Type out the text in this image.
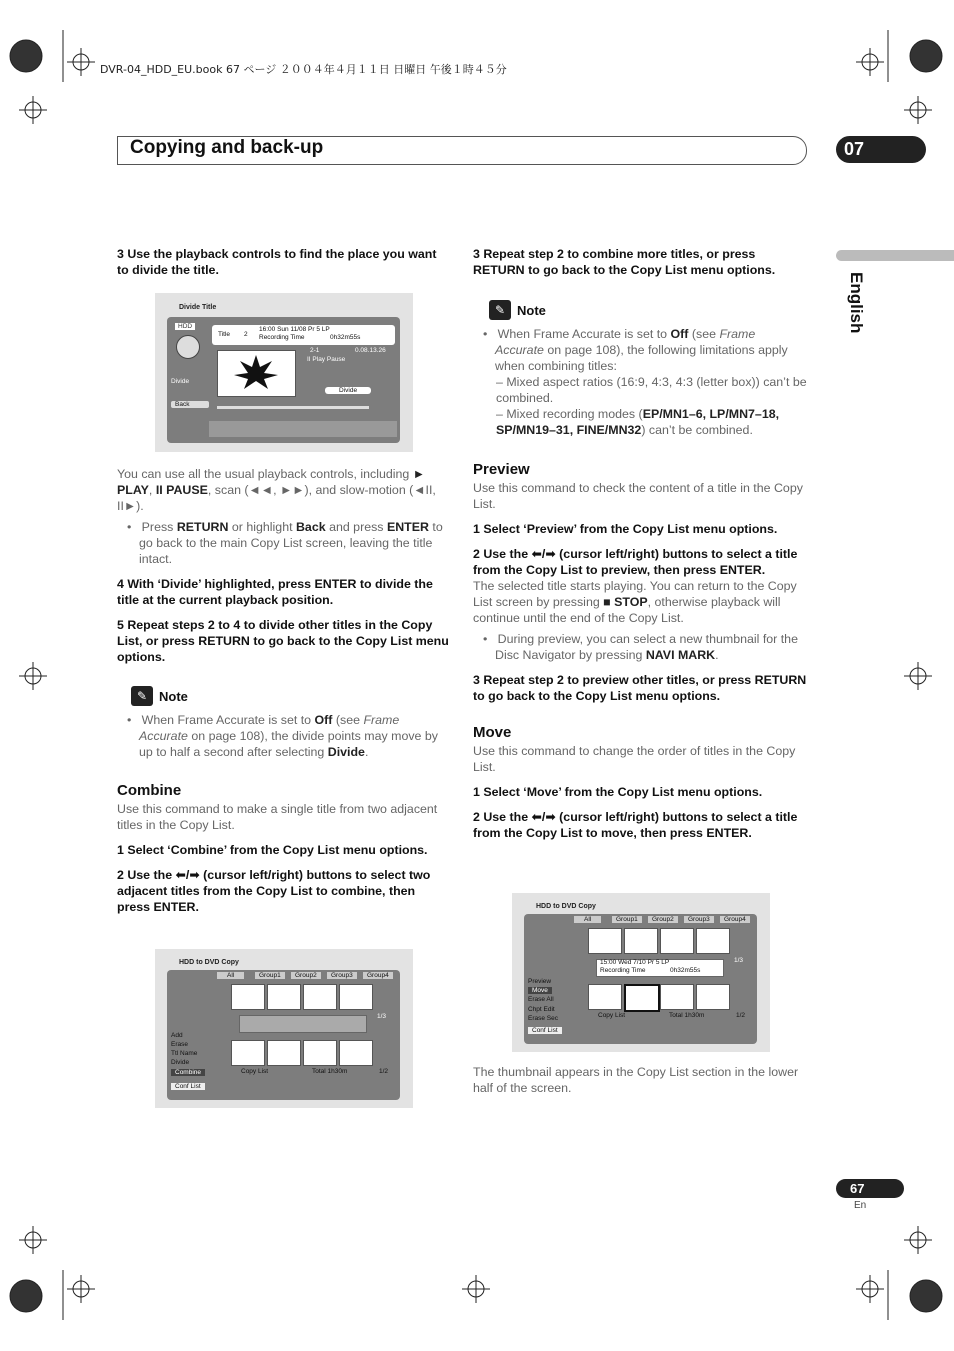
DVR-04_HDD_EU.book 67 ページ ２００４年４月１１日 日曜日 午後１時４５分
Copying and back-up	07
English

3 Use the playback controls to find the place you want to divide the title.

Divide Title
HDD
Title 2
16:00 Sun 11/08 Pr 5 LP
Recording Time	0h32m55s
2-1	0.08.13.26
II Play Pause
Divide
Divide
Back

You can use all the usual playback controls, including ► PLAY, II PAUSE, scan (◄◄, ►►), and slow-motion (◄II, II►).

•   Press RETURN or highlight Back and press ENTER to go back to the main Copy List screen, leaving the title intact.

4 With ‘Divide’ highlighted, press ENTER to divide the title at the current playback position.

5 Repeat steps 2 to 4 to divide other titles in the Copy List, or press RETURN to go back to the Copy List menu options.

✎ Note

•   When Frame Accurate is set to Off (see Frame Accurate on page 108), the divide points may move by up to half a second after selecting Divide.

Combine

Use this command to make a single title from two adjacent titles in the Copy List.

1 Select ‘Combine’ from the Copy List menu options.

2 Use the ⬅/➡ (cursor left/right) buttons to select two adjacent titles from the Copy List to combine, then press ENTER.

HDD to DVD Copy
All	Group1	Group2	Group3	Group4
1/3
Add
Erase
Ttl Name
Divide
Combine
Conf List
Copy List	Total 1h30m	1/2

3 Repeat step 2 to combine more titles, or press RETURN to go back to the Copy List menu options.

✎ Note

•   When Frame Accurate is set to Off (see Frame Accurate on page 108), the following limitations apply when combining titles:

– Mixed aspect ratios (16:9, 4:3, 4:3 (letter box)) can’t be combined.

– Mixed recording modes (EP/MN1–6, LP/MN7–18, SP/MN19–31, FINE/MN32) can’t be combined.

Preview

Use this command to check the content of a title in the Copy List.

1 Select ‘Preview’ from the Copy List menu options.

2 Use the ⬅/➡ (cursor left/right) buttons to select a title from the Copy List to preview, then press ENTER.

The selected title starts playing. You can return to the Copy List screen by pressing ■ STOP, otherwise playback will continue until the end of the Copy List.

•   During preview, you can select a new thumbnail for the Disc Navigator by pressing NAVI MARK.

3 Repeat step 2 to preview other titles, or press RETURN to go back to the Copy List menu options.

Move

Use this command to change the order of titles in the Copy List.

1 Select ‘Move’ from the Copy List menu options.

2 Use the ⬅/➡ (cursor left/right) buttons to select a title from the Copy List to move, then press ENTER.

HDD to DVD Copy
All	Group1	Group2	Group3	Group4
15:00 Wed 7/10 Pr 5 LP
Recording Time	0h32m55s
1/3
Preview
Move
Erase All
Chpt Edit
Erase Sec
Conf List
Copy List	Total 1h30m	1/2

The thumbnail appears in the Copy List section in the lower half of the screen.

67
En
